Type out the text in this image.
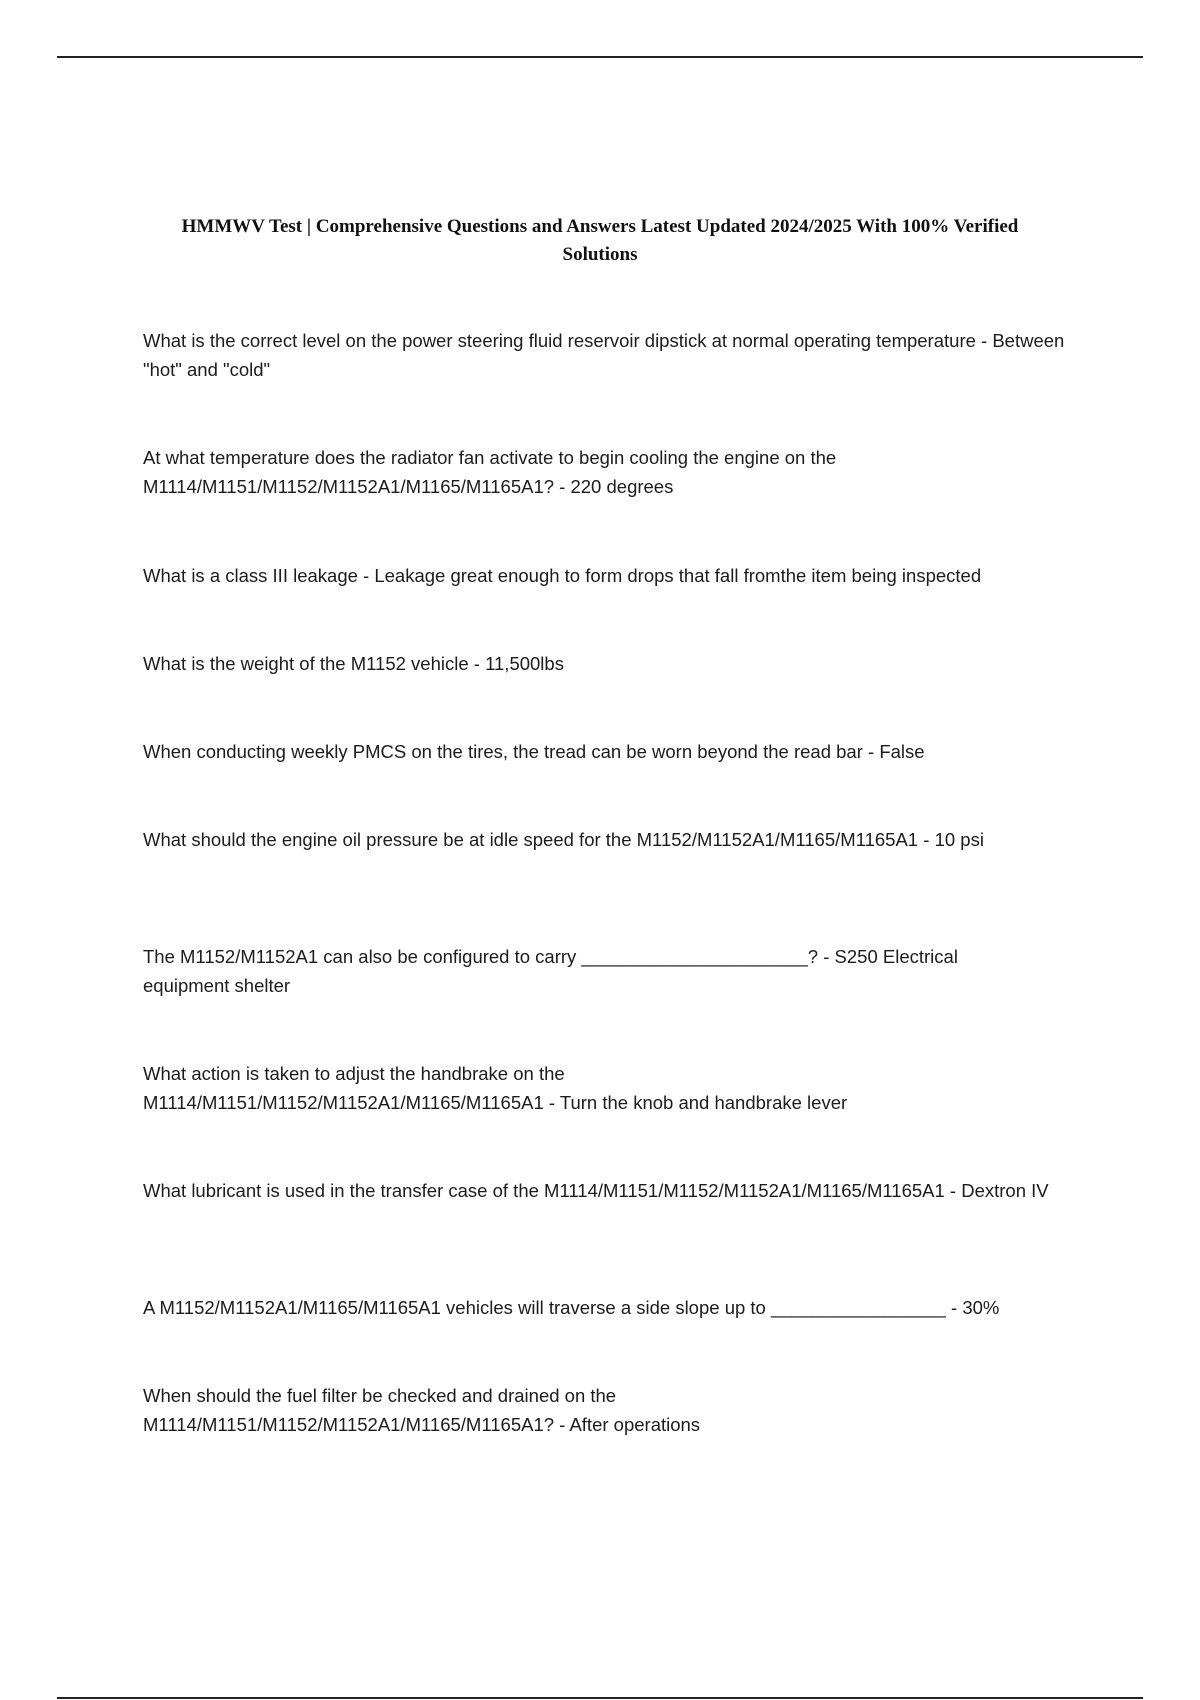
HMMWV Test | Comprehensive Questions and Answers Latest Updated 2024/2025 With 100% Verified Solutions

What is the correct level on the power steering fluid reservoir dipstick at normal operating temperature - Between "hot" and "cold"

At what temperature does the radiator fan activate to begin cooling the engine on the M1114/M1151/M1152/M1152A1/M1165/M1165A1? - 220 degrees

What is a class III leakage - Leakage great enough to form drops that fall fromthe item being inspected

What is the weight of the M1152 vehicle - 11,500lbs

When conducting weekly PMCS on the tires, the tread can be worn beyond the read bar - False

What should the engine oil pressure be at idle speed for the M1152/M1152A1/M1165/M1165A1 - 10 psi

The M1152/M1152A1 can also be configured to carry ______________________? - S250 Electrical equipment shelter

What action is taken to adjust the handbrake on the M1114/M1151/M1152/M1152A1/M1165/M1165A1 - Turn the knob and handbrake lever

What lubricant is used in the transfer case of the M1114/M1151/M1152/M1152A1/M1165/M1165A1 - Dextron IV

A M1152/M1152A1/M1165/M1165A1 vehicles will traverse a side slope up to _________________ - 30%

When should the fuel filter be checked and drained on the M1114/M1151/M1152/M1152A1/M1165/M1165A1? - After operations
